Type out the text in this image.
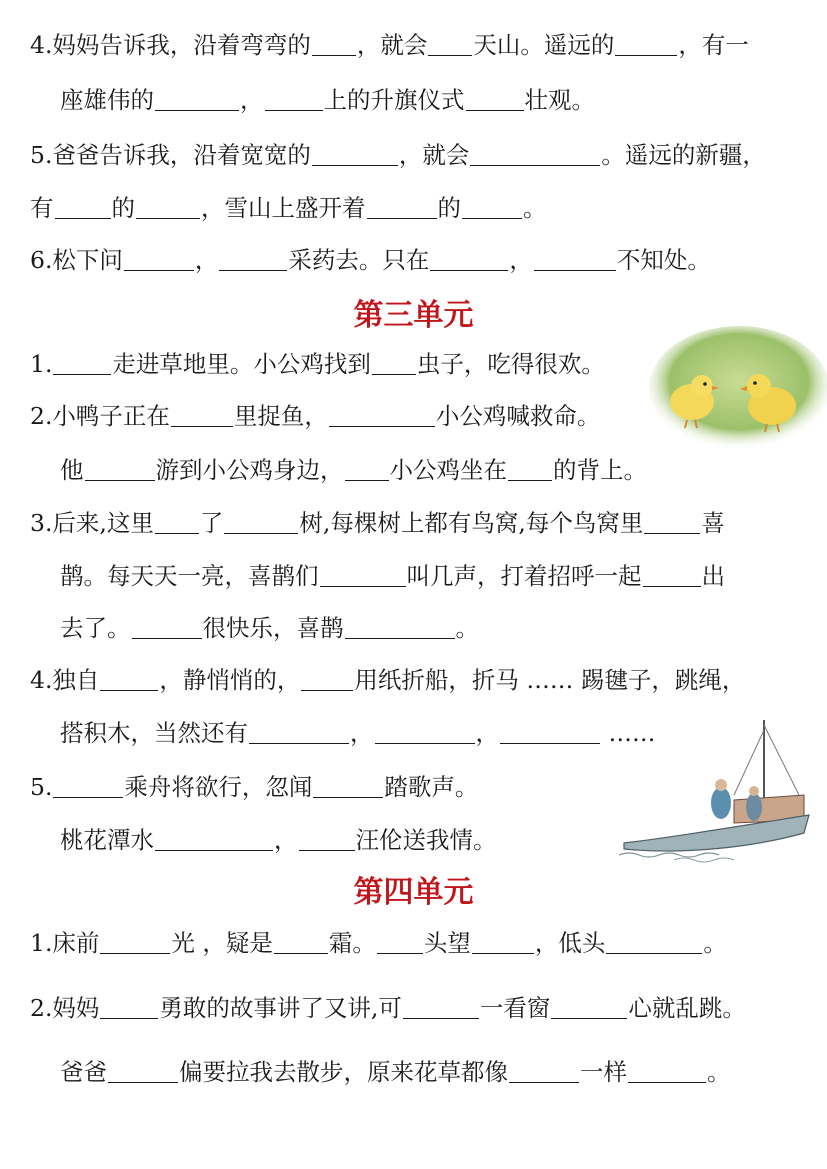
4.妈妈告诉我，沿着弯弯的 ，就会 天山。遥远的	，有一
座雄伟的	，	上的升旗仪式	壮观。
5.爸爸告诉我，沿着宽宽的	，就会	。遥远的新疆，
有 的	，雪山上盛开着	的	。
6.松下问	，	采药去。只在	，	不知处。
第三单元
1.	走进草地里。小公鸡找到 虫子，吃得很欢。
2.小鸭子正在	里捉鱼，	小公鸡喊救命。
他	游到小公鸡身边， 小公鸡坐在 的背上。
3.后来,这里 了	树,每棵树上都有鸟窝,每个鸟窝里 喜
鹊。每天天一亮，喜鹊们	叫几声，打着招呼一起	出
去了。	很快乐，喜鹊	。
4.独自	，静悄悄的， 用纸折船，折马 …… 踢毽子，跳绳，
搭积木，当然还有	，	，	……
5.	乘舟将欲行，忽闻	踏歌声。
桃花潭水	， 汪伦送我情。
第四单元
1.床前	光 ，疑是 霜。 头望	，低头	。
2.妈妈	勇敢的故事讲了又讲,可	一看窗	心就乱跳。
爸爸	偏要拉我去散步，原来花草都像	一样	。
